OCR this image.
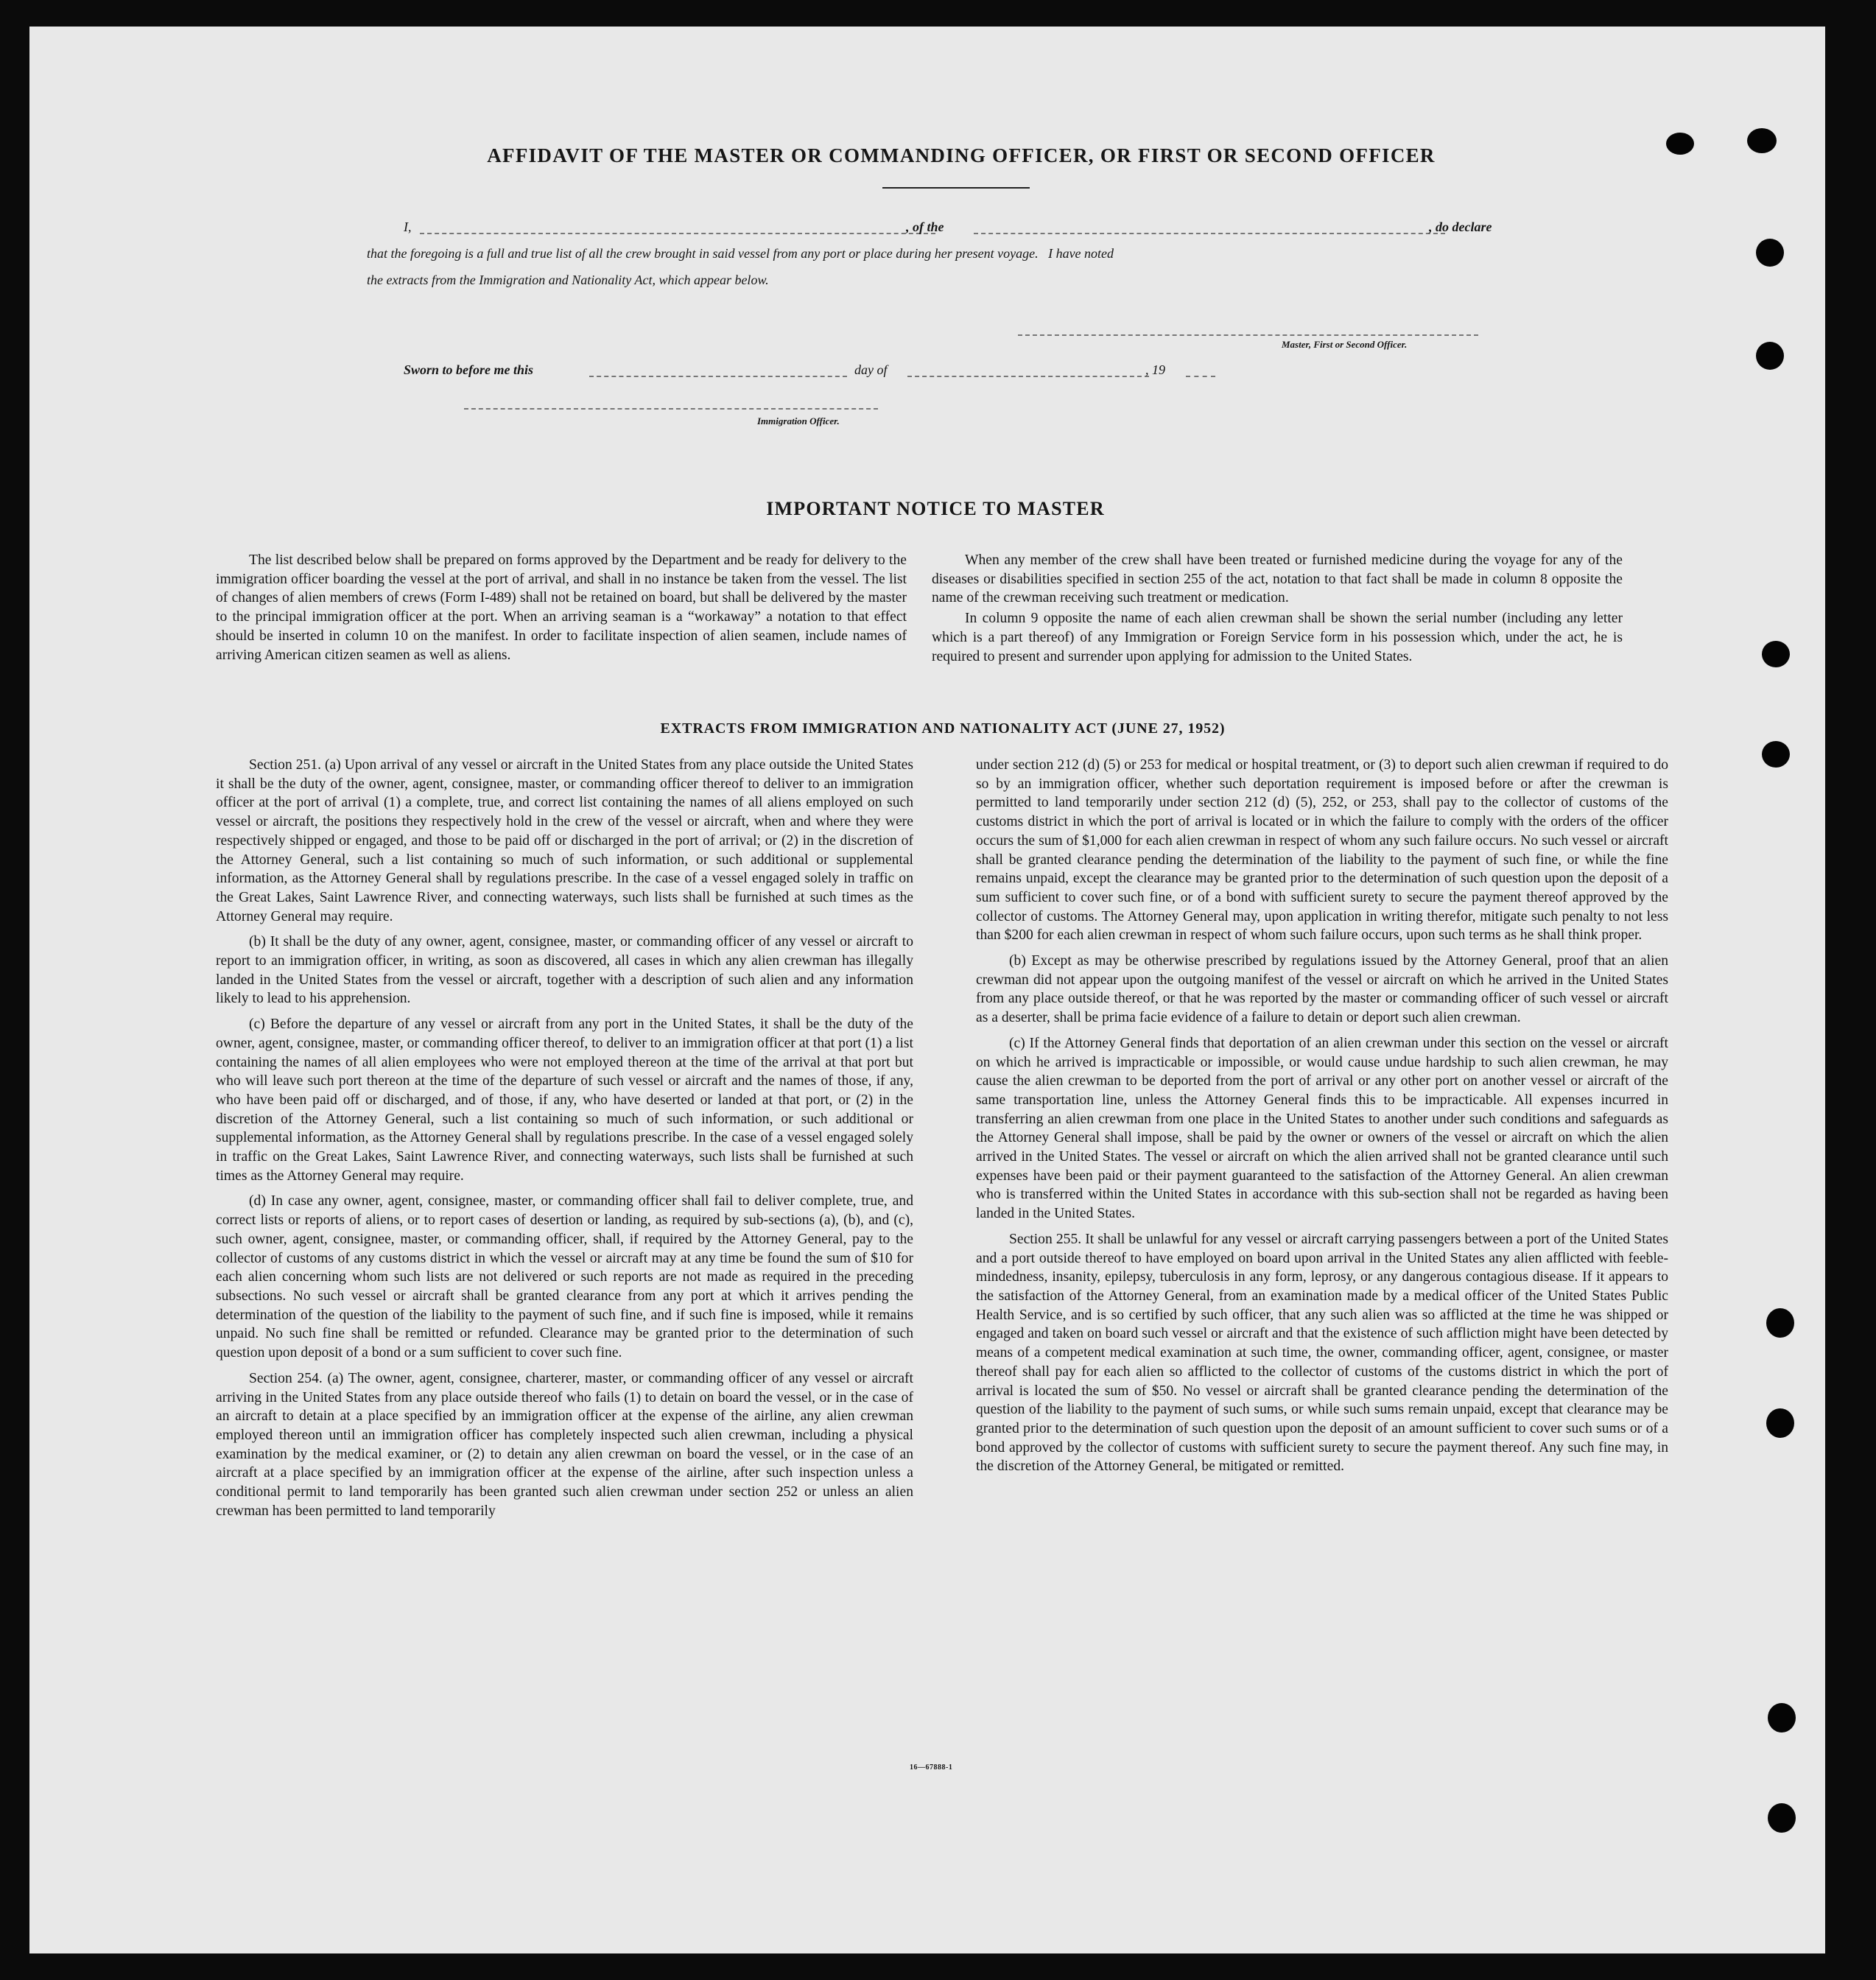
AFFIDAVIT OF THE MASTER OR COMMANDING OFFICER, OR FIRST OR SECOND OFFICER
I,	, of the	, do declare
that the foregoing is a full and true list of all the crew brought in said vessel from any port or place during her present voyage.   I have noted
the extracts from the Immigration and Nationality Act, which appear below.
Master, First or Second Officer.
Sworn to before me this	day of	, 19
Immigration Officer.
IMPORTANT NOTICE TO MASTER

The list described below shall be prepared on forms approved by the Department and be ready for delivery to the immigration officer boarding the vessel at the port of arrival, and shall in no instance be taken from the vessel. The list of changes of alien members of crews (Form I-489) shall not be retained on board, but shall be delivered by the master to the principal immigration officer at the port. When an arriving seaman is a “workaway” a notation to that effect should be inserted in column 10 on the manifest. In order to facilitate inspection of alien seamen, include names of arriving American citizen seamen as well as aliens.

When any member of the crew shall have been treated or furnished medicine during the voyage for any of the diseases or disabilities specified in section 255 of the act, notation to that fact shall be made in column 8 opposite the name of the crewman receiving such treatment or medication.

In column 9 opposite the name of each alien crewman shall be shown the serial number (including any letter which is a part thereof) of any Immigration or Foreign Service form in his possession which, under the act, he is required to present and surrender upon applying for admission to the United States.

EXTRACTS FROM IMMIGRATION AND NATIONALITY ACT (JUNE 27, 1952)

Section 251. (a) Upon arrival of any vessel or aircraft in the United States from any place outside the United States it shall be the duty of the owner, agent, consignee, master, or commanding officer thereof to deliver to an immigration officer at the port of arrival (1) a complete, true, and correct list containing the names of all aliens employed on such vessel or aircraft, the positions they respectively hold in the crew of the vessel or aircraft, when and where they were respectively shipped or engaged, and those to be paid off or discharged in the port of arrival; or (2) in the discretion of the Attorney General, such a list containing so much of such information, or such additional or supplemental information, as the Attorney General shall by regulations prescribe. In the case of a vessel engaged solely in traffic on the Great Lakes, Saint Lawrence River, and connecting waterways, such lists shall be furnished at such times as the Attorney General may require.

(b) It shall be the duty of any owner, agent, consignee, master, or commanding officer of any vessel or aircraft to report to an immigration officer, in writing, as soon as discovered, all cases in which any alien crewman has illegally landed in the United States from the vessel or aircraft, together with a description of such alien and any information likely to lead to his apprehension.

(c) Before the departure of any vessel or aircraft from any port in the United States, it shall be the duty of the owner, agent, consignee, master, or commanding officer thereof, to deliver to an immigration officer at that port (1) a list containing the names of all alien employees who were not employed thereon at the time of the arrival at that port but who will leave such port thereon at the time of the departure of such vessel or aircraft and the names of those, if any, who have been paid off or discharged, and of those, if any, who have deserted or landed at that port, or (2) in the discretion of the Attorney General, such a list containing so much of such information, or such additional or supplemental information, as the Attorney General shall by regulations prescribe. In the case of a vessel engaged solely in traffic on the Great Lakes, Saint Lawrence River, and connecting waterways, such lists shall be furnished at such times as the Attorney General may require.

(d) In case any owner, agent, consignee, master, or commanding officer shall fail to deliver complete, true, and correct lists or reports of aliens, or to report cases of desertion or landing, as required by sub-sections (a), (b), and (c), such owner, agent, consignee, master, or commanding officer, shall, if required by the Attorney General, pay to the collector of customs of any customs district in which the vessel or aircraft may at any time be found the sum of $10 for each alien concerning whom such lists are not delivered or such reports are not made as required in the preceding subsections. No such vessel or aircraft shall be granted clearance from any port at which it arrives pending the determination of the question of the liability to the payment of such fine, and if such fine is imposed, while it remains unpaid. No such fine shall be remitted or refunded. Clearance may be granted prior to the determination of such question upon deposit of a bond or a sum sufficient to cover such fine.

Section 254. (a) The owner, agent, consignee, charterer, master, or commanding officer of any vessel or aircraft arriving in the United States from any place outside thereof who fails (1) to detain on board the vessel, or in the case of an aircraft to detain at a place specified by an immigration officer at the expense of the airline, any alien crewman employed thereon until an immigration officer has completely inspected such alien crewman, including a physical examination by the medical examiner, or (2) to detain any alien crewman on board the vessel, or in the case of an aircraft at a place specified by an immigration officer at the expense of the airline, after such inspection unless a conditional permit to land temporarily has been granted such alien crewman under section 252 or unless an alien crewman has been permitted to land temporarily

under section 212 (d) (5) or 253 for medical or hospital treatment, or (3) to deport such alien crewman if required to do so by an immigration officer, whether such deportation requirement is imposed before or after the crewman is permitted to land temporarily under section 212 (d) (5), 252, or 253, shall pay to the collector of customs of the customs district in which the port of arrival is located or in which the failure to comply with the orders of the officer occurs the sum of $1,000 for each alien crewman in respect of whom any such failure occurs. No such vessel or aircraft shall be granted clearance pending the determination of the liability to the payment of such fine, or while the fine remains unpaid, except the clearance may be granted prior to the determination of such question upon the deposit of a sum sufficient to cover such fine, or of a bond with sufficient surety to secure the payment thereof approved by the collector of customs. The Attorney General may, upon application in writing therefor, mitigate such penalty to not less than $200 for each alien crewman in respect of whom such failure occurs, upon such terms as he shall think proper.

(b) Except as may be otherwise prescribed by regulations issued by the Attorney General, proof that an alien crewman did not appear upon the outgoing manifest of the vessel or aircraft on which he arrived in the United States from any place outside thereof, or that he was reported by the master or commanding officer of such vessel or aircraft as a deserter, shall be prima facie evidence of a failure to detain or deport such alien crewman.

(c) If the Attorney General finds that deportation of an alien crewman under this section on the vessel or aircraft on which he arrived is impracticable or impossible, or would cause undue hardship to such alien crewman, he may cause the alien crewman to be deported from the port of arrival or any other port on another vessel or aircraft of the same transportation line, unless the Attorney General finds this to be impracticable. All expenses incurred in transferring an alien crewman from one place in the United States to another under such conditions and safeguards as the Attorney General shall impose, shall be paid by the owner or owners of the vessel or aircraft on which the alien arrived in the United States. The vessel or aircraft on which the alien arrived shall not be granted clearance until such expenses have been paid or their payment guaranteed to the satisfaction of the Attorney General. An alien crewman who is transferred within the United States in accordance with this sub-section shall not be regarded as having been landed in the United States.

Section 255. It shall be unlawful for any vessel or aircraft carrying passengers between a port of the United States and a port outside thereof to have employed on board upon arrival in the United States any alien afflicted with feeble-mindedness, insanity, epilepsy, tuberculosis in any form, leprosy, or any dangerous contagious disease. If it appears to the satisfaction of the Attorney General, from an examination made by a medical officer of the United States Public Health Service, and is so certified by such officer, that any such alien was so afflicted at the time he was shipped or engaged and taken on board such vessel or aircraft and that the existence of such affliction might have been detected by means of a competent medical examination at such time, the owner, commanding officer, agent, consignee, or master thereof shall pay for each alien so afflicted to the collector of customs of the customs district in which the port of arrival is located the sum of $50. No vessel or aircraft shall be granted clearance pending the determination of the question of the liability to the payment of such sums, or while such sums remain unpaid, except that clearance may be granted prior to the determination of such question upon the deposit of an amount sufficient to cover such sums or of a bond approved by the collector of customs with sufficient surety to secure the payment thereof. Any such fine may, in the discretion of the Attorney General, be mitigated or remitted.

16—67888-1
